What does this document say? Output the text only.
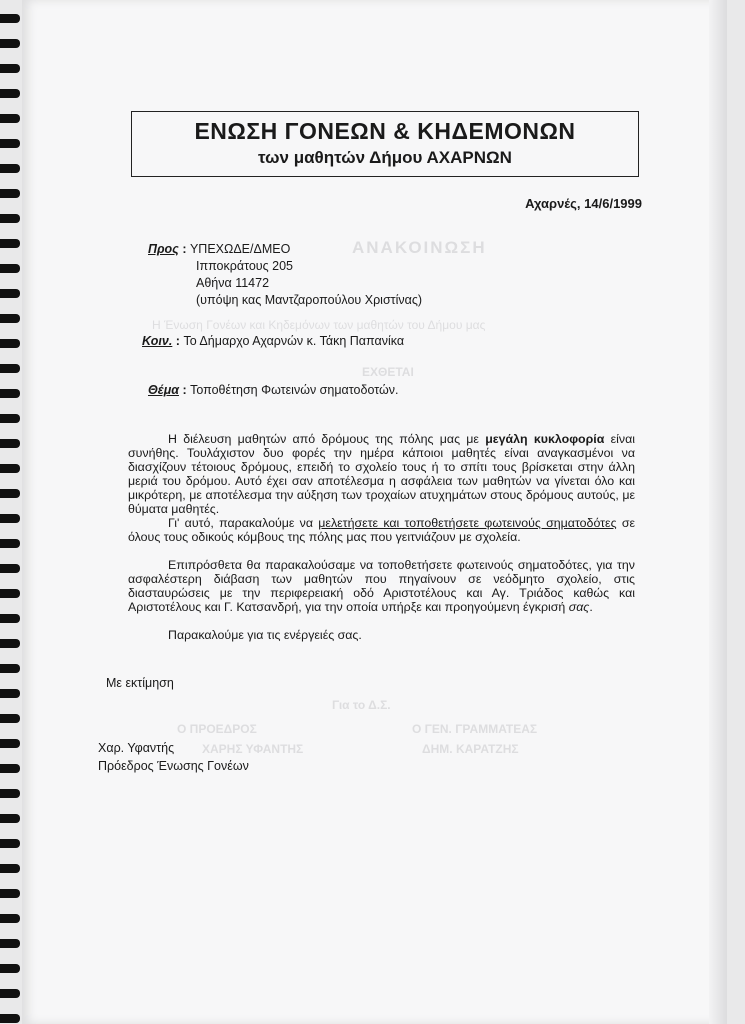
ΑΝΑΚΟΙΝΩΣΗ
Η Ένωση Γονέων και Κηδεμόνων των μαθητών του Δήμου μας
ΕΧΘΕΤΑΙ
Για το Δ.Σ.
Ο ΠΡΟΕΔΡΟΣ	Ο ΓΕΝ. ΓΡΑΜΜΑΤΕΑΣ
ΧΑΡΗΣ ΥΦΑΝΤΗΣ	ΔΗΜ. ΚΑΡΑΤΖΗΣ
ΕΝΩΣΗ ΓΟΝΕΩΝ & ΚΗΔΕΜΟΝΩΝ
των μαθητών Δήμου ΑΧΑΡΝΩΝ
Αχαρνές, 14/6/1999
Προς : ΥΠΕΧΩΔΕ/ΔΜΕΟ
Ιπποκράτους 205
Αθήνα 11472
(υπόψη κας Μαντζαροπούλου Χριστίνας)
Κοιν. : Το Δήμαρχο Αχαρνών κ. Τάκη Παπανίκα
Θέμα : Τοποθέτηση Φωτεινών σηματοδοτών.

Η διέλευση μαθητών από δρόμους της πόλης μας με μεγάλη κυκλοφορία είναι συνήθης. Τουλάχιστον δυο φορές την ημέρα κάποιοι μαθητές είναι αναγκασμένοι να διασχίζουν τέτοιους δρόμους, επειδή το σχολείο τους ή το σπίτι τους βρίσκεται στην άλλη μεριά του δρόμου. Αυτό έχει σαν αποτέλεσμα η ασφάλεια των μαθητών να γίνεται όλο και μικρότερη, με αποτέλεσμα την αύξηση των τροχαίων ατυχημάτων στους δρόμους αυτούς, με θύματα μαθητές.

Γι' αυτό, παρακαλούμε να μελετήσετε και τοποθετήσετε φωτεινούς σηματοδότες σε όλους τους οδικούς κόμβους της πόλης μας που γειτνιάζουν με σχολεία.

Επιπρόσθετα θα παρακαλούσαμε να τοποθετήσετε φωτεινούς σηματοδότες, για την ασφαλέστερη διάβαση των μαθητών που πηγαίνουν σε νεόδμητο σχολείο, στις διασταυρώσεις με την περιφερειακή οδό Αριστοτέλους και Αγ. Τριάδος καθώς και Αριστοτέλους και Γ. Κατσανδρή, για την οποία υπήρξε και προηγούμενη έγκρισή σας.

Παρακαλούμε για τις ενέργειές σας.

Με εκτίμηση
Χαρ. Υφαντής
Πρόεδρος Ένωσης Γονέων
